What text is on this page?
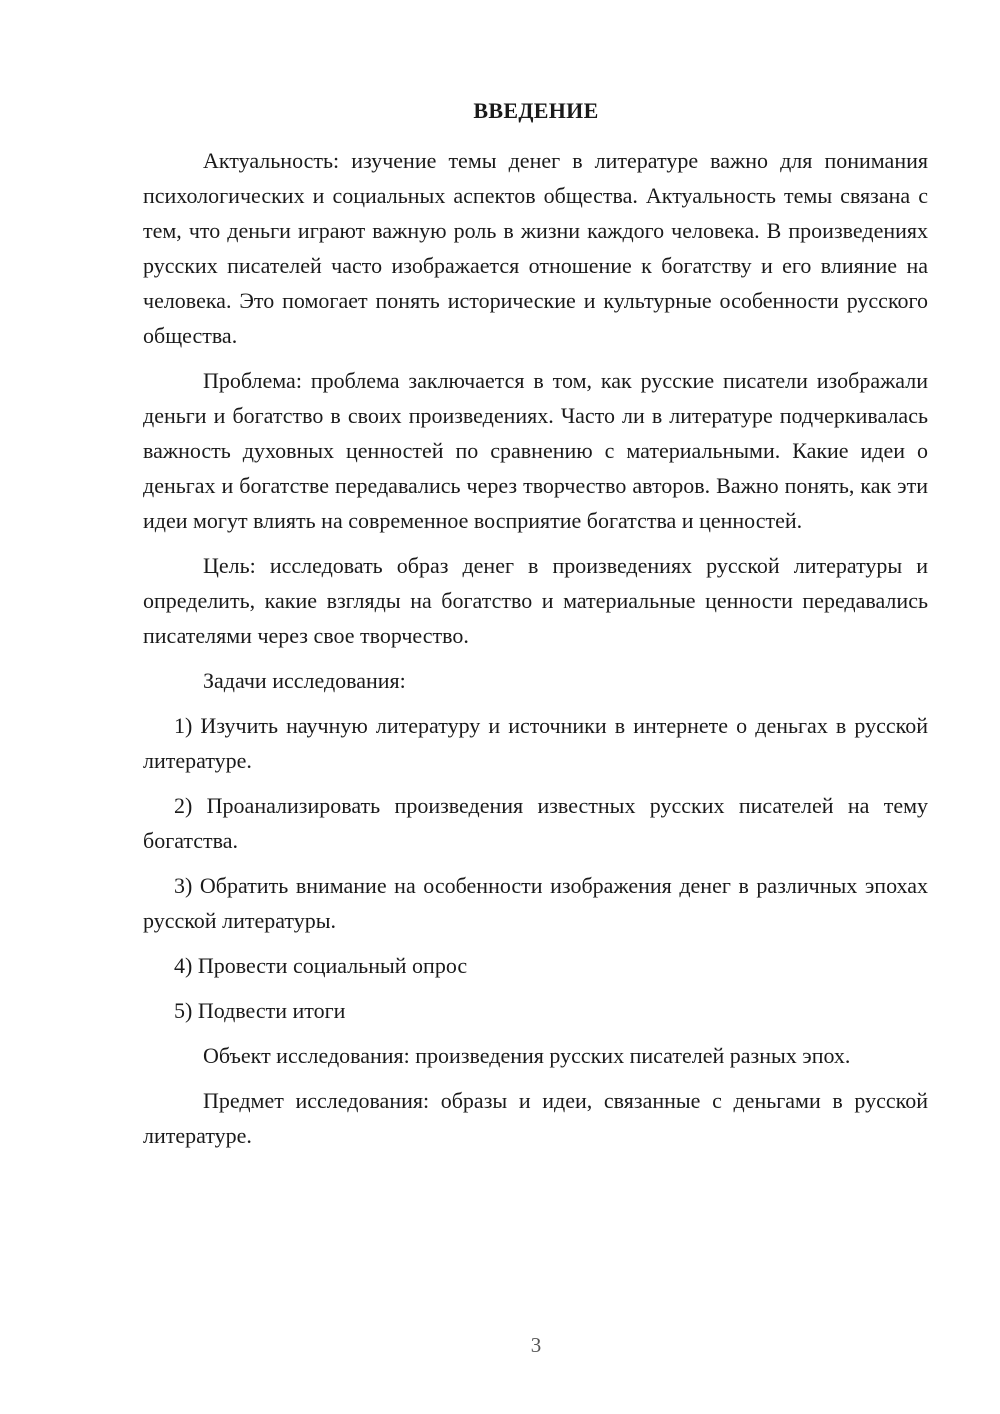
ВВЕДЕНИЕ

Актуальность: изучение темы денег в литературе важно для понимания психологических и социальных аспектов общества. Актуальность темы связана с тем, что деньги играют важную роль в жизни каждого человека. В произведениях русских писателей часто изображается отношение к богатству и его влияние на человека. Это помогает понять исторические и культурные особенности русского общества.

Проблема: проблема заключается в том, как русские писатели изображали деньги и богатство в своих произведениях. Часто ли в литературе подчеркивалась важность духовных ценностей по сравнению с материальными. Какие идеи о деньгах и богатстве передавались через творчество авторов. Важно понять, как эти идеи могут влиять на современное восприятие богатства и ценностей.

Цель: исследовать образ денег в произведениях русской литературы и определить, какие взгляды на богатство и материальные ценности передавались писателями через свое творчество.

Задачи исследования:

1) Изучить научную литературу и источники в интернете о деньгах в русской литературе.

2) Проанализировать произведения известных русских писателей на тему богатства.

3) Обратить внимание на особенности изображения денег в различных эпохах русской литературы.

4) Провести социальный опрос

5) Подвести итоги

Объект исследования: произведения русских писателей разных эпох.

Предмет исследования: образы и идеи, связанные с деньгами в русской литературе.

3
